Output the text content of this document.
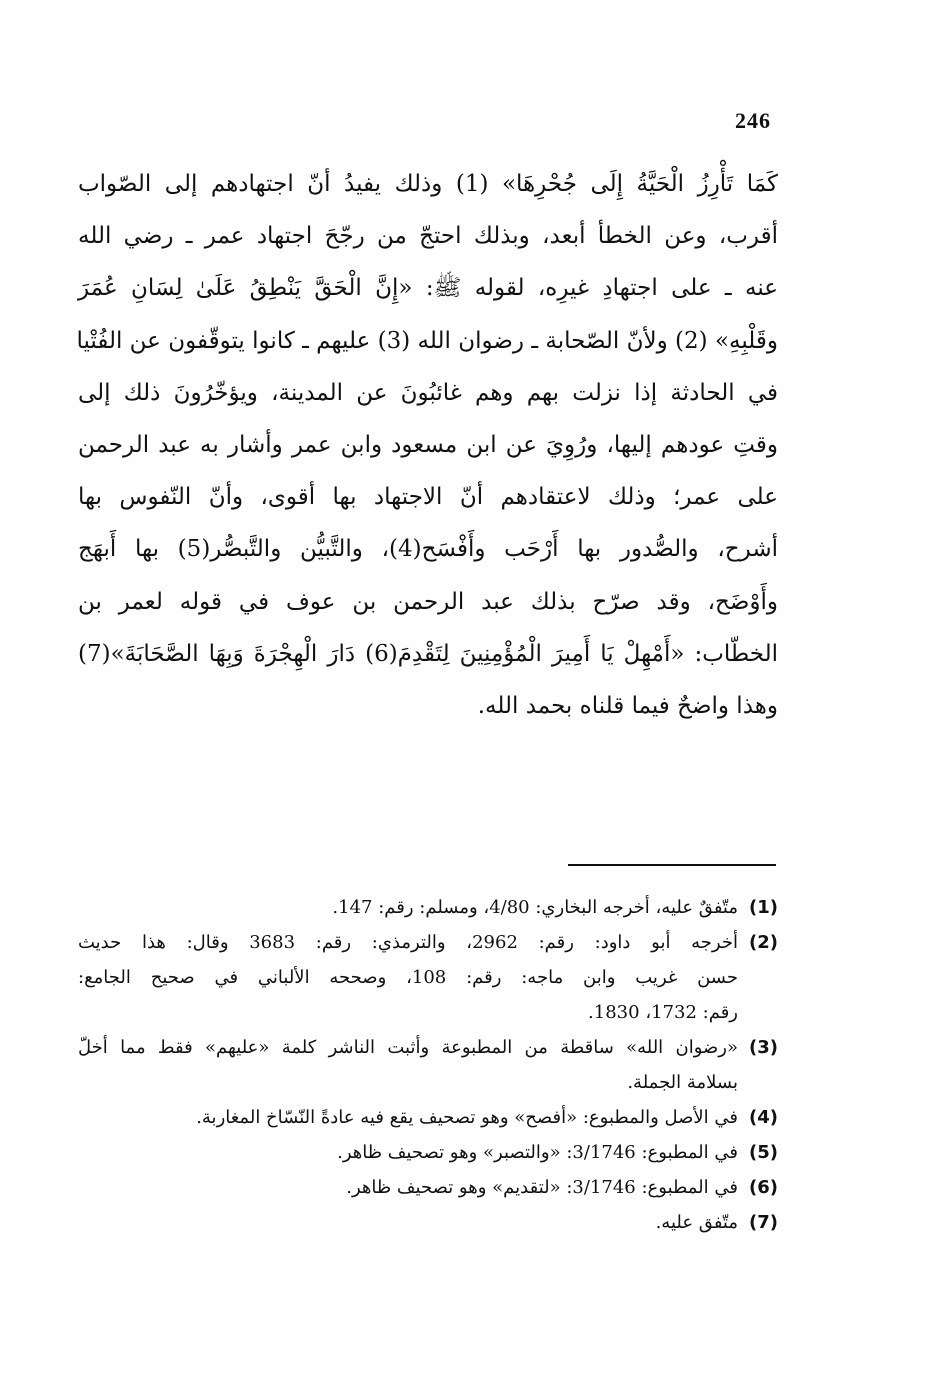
246
كَمَا تَأْرِزُ الْحَيَّةُ إِلَى جُحْرِهَا» (1) وذلك يفيدُ أنّ اجتهادهم إلى الصّواب
أقرب، وعن الخطأ أبعد، وبذلك احتجّ من رجّحَ اجتهاد عمر ـ رضي الله
عنه ـ على اجتهادِ غيرِه، لقوله ﷺ: «إِنَّ الْحَقَّ يَنْطِقُ عَلَىٰ لِسَانِ عُمَرَ
وقَلْبِهِ» (2) ولأنّ الصّحابة ـ رضوان الله (3) عليهم ـ كانوا يتوقّفون عن الفُتْيا
في الحادثة إذا نزلت بهم وهم غائبُونَ عن المدينة، ويؤخّرُونَ ذلك إلى
وقتِ عودهم إليها، ورُوِيَ عن ابن مسعود وابن عمر وأشار به عبد الرحمن
على عمر؛ وذلك لاعتقادهم أنّ الاجتهاد بها أقوى، وأنّ النّفوس بها
أشرح، والصُّدور بها أَرْحَب وأَفْسَح(4)، والتَّبيُّن والتَّبصُّر(5) بها أَبهَج
وأَوْضَح، وقد صرّح بذلك عبد الرحمن بن عوف في قوله لعمر بن
الخطّاب: «أَمْهِلْ يَا أَمِيرَ الْمُؤْمِنِينَ لِتَقْدِمَ(6) دَارَ الْهِجْرَةَ وَبِهَا الصَّحَابَةَ»(7)
وهذا واضحٌ فيما قلناه بحمد الله.
(1)
متّفقٌ عليه، أخرجه البخاري: 4/80، ومسلم: رقم: 147.
(2)
أخرجه أبو داود: رقم: 2962، والترمذي: رقم: 3683 وقال: هذا حديث
حسن غريب وابن ماجه: رقم: 108، وصححه الألباني في صحيح الجامع:
رقم: 1732، 1830.
(3)
«رضوان الله» ساقطة من المطبوعة وأثبت الناشر كلمة «عليهم» فقط مما أخلّ
بسلامة الجملة.
(4)
في الأصل والمطبوع: «أفصح» وهو تصحيف يقع فيه عادةً النّسّاخ المغاربة.
(5)
في المطبوع: 3/1746: «والتصبر» وهو تصحيف ظاهر.
(6)
في المطبوع: 3/1746: «لتقديم» وهو تصحيف ظاهر.
(7)
متّفق عليه.
